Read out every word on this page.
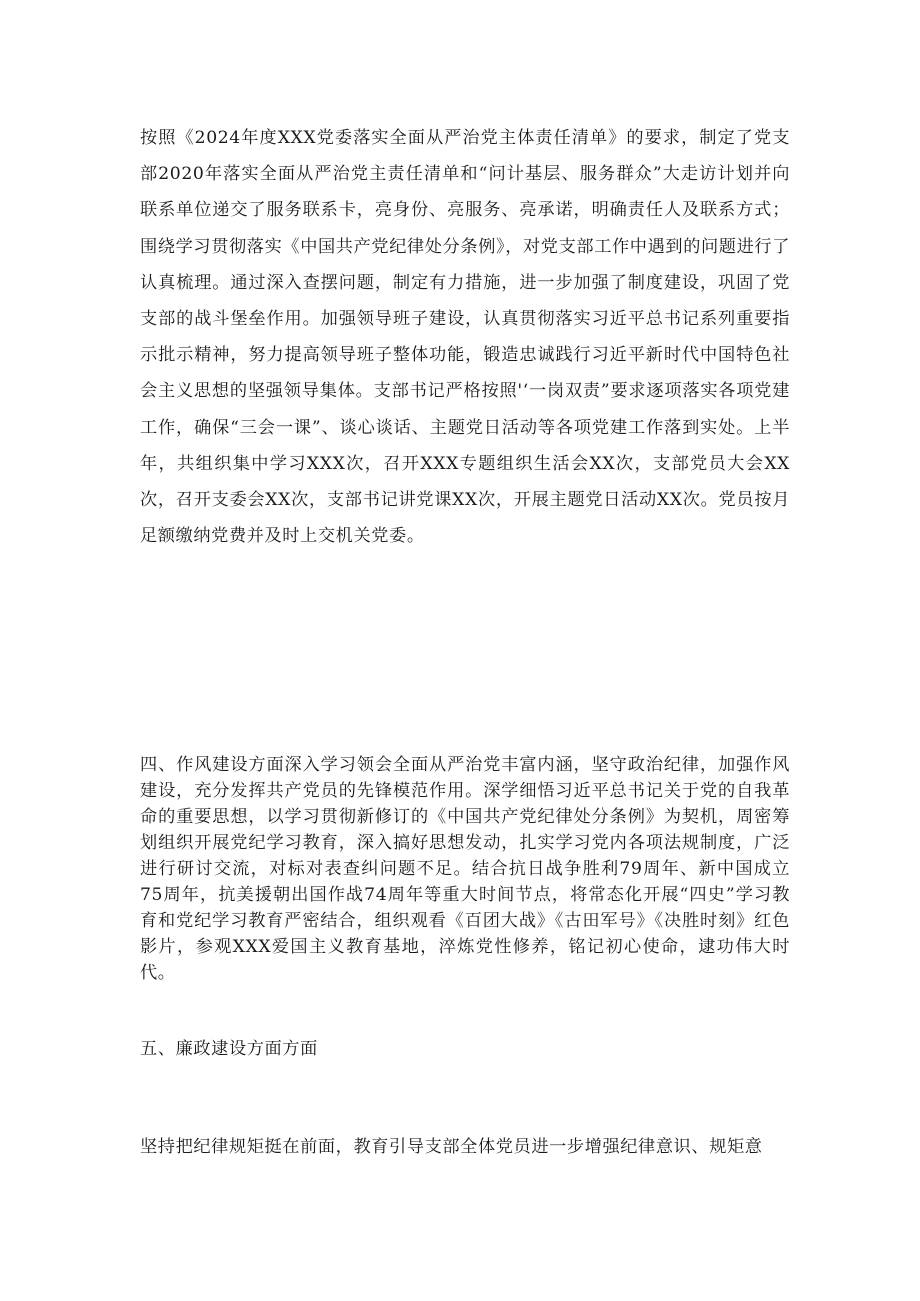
按照《2024年度XXX党委落实全面从严治党主体责任清单》的要求，制定了党支部2020年落实全面从严治党主责任清单和“问计基层、服务群众”大走访计划并向联系单位递交了服务联系卡，亮身份、亮服务、亮承诺，明确责任人及联系方式；围绕学习贯彻落实《中国共产党纪律处分条例》，对党支部工作中遇到的问题进行了认真梳理。通过深入查摆问题，制定有力措施，进一步加强了制度建设，巩固了党支部的战斗堡垒作用。加强领导班子建设，认真贯彻落实习近平总书记系列重要指示批示精神，努力提高领导班子整体功能，锻造忠诚践行习近平新时代中国特色社会主义思想的坚强领导集体。支部书记严格按照'‘一岗双责”要求逐项落实各项党建工作，确保“三会一课”、谈心谈话、主题党日活动等各项党建工作落到实处。上半年，共组织集中学习XXX次，召开XXX专题组织生活会XX次，支部党员大会XX次，召开支委会XX次，支部书记讲党课XX次，开展主题党日活动XX次。党员按月足额缴纳党费并及时上交机关党委。

四、作风建设方面深入学习领会全面从严治党丰富内涵，坚守政治纪律，加强作风建设，充分发挥共产党员的先锋模范作用。深学细悟习近平总书记关于党的自我革命的重要思想，以学习贯彻新修订的《中国共产党纪律处分条例》为契机，周密筹划组织开展党纪学习教育，深入搞好思想发动，扎实学习党内各项法规制度，广泛进行研讨交流，对标对表查纠问题不足。结合抗日战争胜利79周年、新中国成立75周年，抗美援朝出国作战74周年等重大时间节点，将常态化开展“四史”学习教育和党纪学习教育严密结合，组织观看《百团大战》《古田军号》《决胜时刻》红色影片，参观XXX爱国主义教育基地，淬炼党性修养，铭记初心使命，逮功伟大时代。

五、廉政逮设方面方面

坚持把纪律规矩挺在前面，教育引导支部全体党员进一步增强纪律意识、规矩意
